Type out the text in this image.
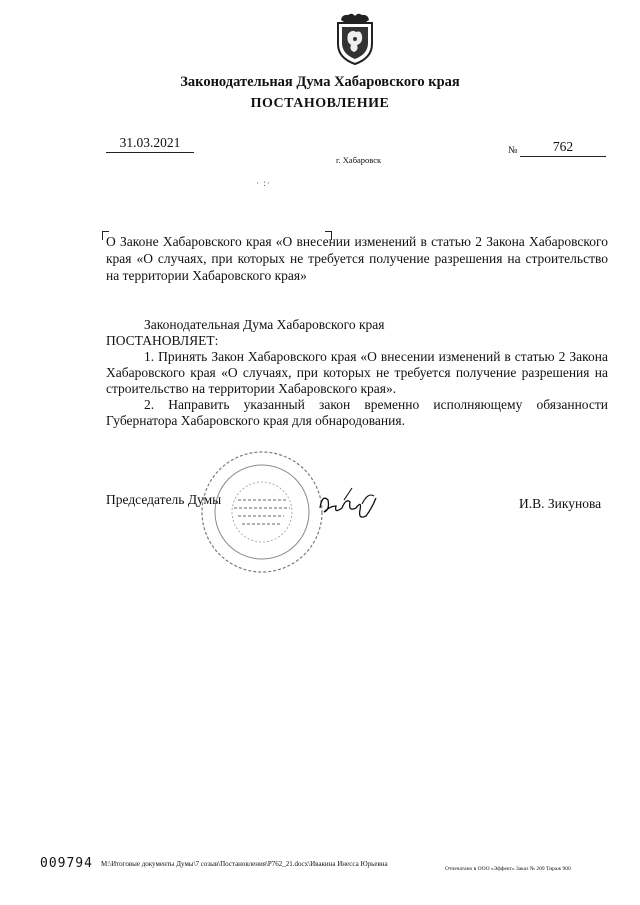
Законодательная Дума Хабаровского края
ПОСТАНОВЛЕНИЕ
31.03.2021
№	762
г. Хабаровск
· :·
О Законе Хабаровского края «О внесении изменений в статью 2 Закона Хабаровского края «О случаях, при которых не требуется получение разрешения на строительство на территории Хабаровского края»
Законодательная Дума Хабаровского края
ПОСТАНОВЛЯЕТ:
1. Принять Закон Хабаровского края «О внесении изменений в статью 2 Закона Хабаровского края «О случаях, при которых не требуется получение разрешения на строительство на территории Хабаровского края».
2. Направить указанный закон временно исполняющему обязанности Губернатора Хабаровского края для обнародования.
Председатель Думы	И.В. Зикунова
009794 M:\Итоговые документы Думы\7 созыв\Постановления\P762_21.docx\Ивакина Инесса Юрьевна
Отпечатано в ООО «Эффект» Заказ № 209 Тираж 900
